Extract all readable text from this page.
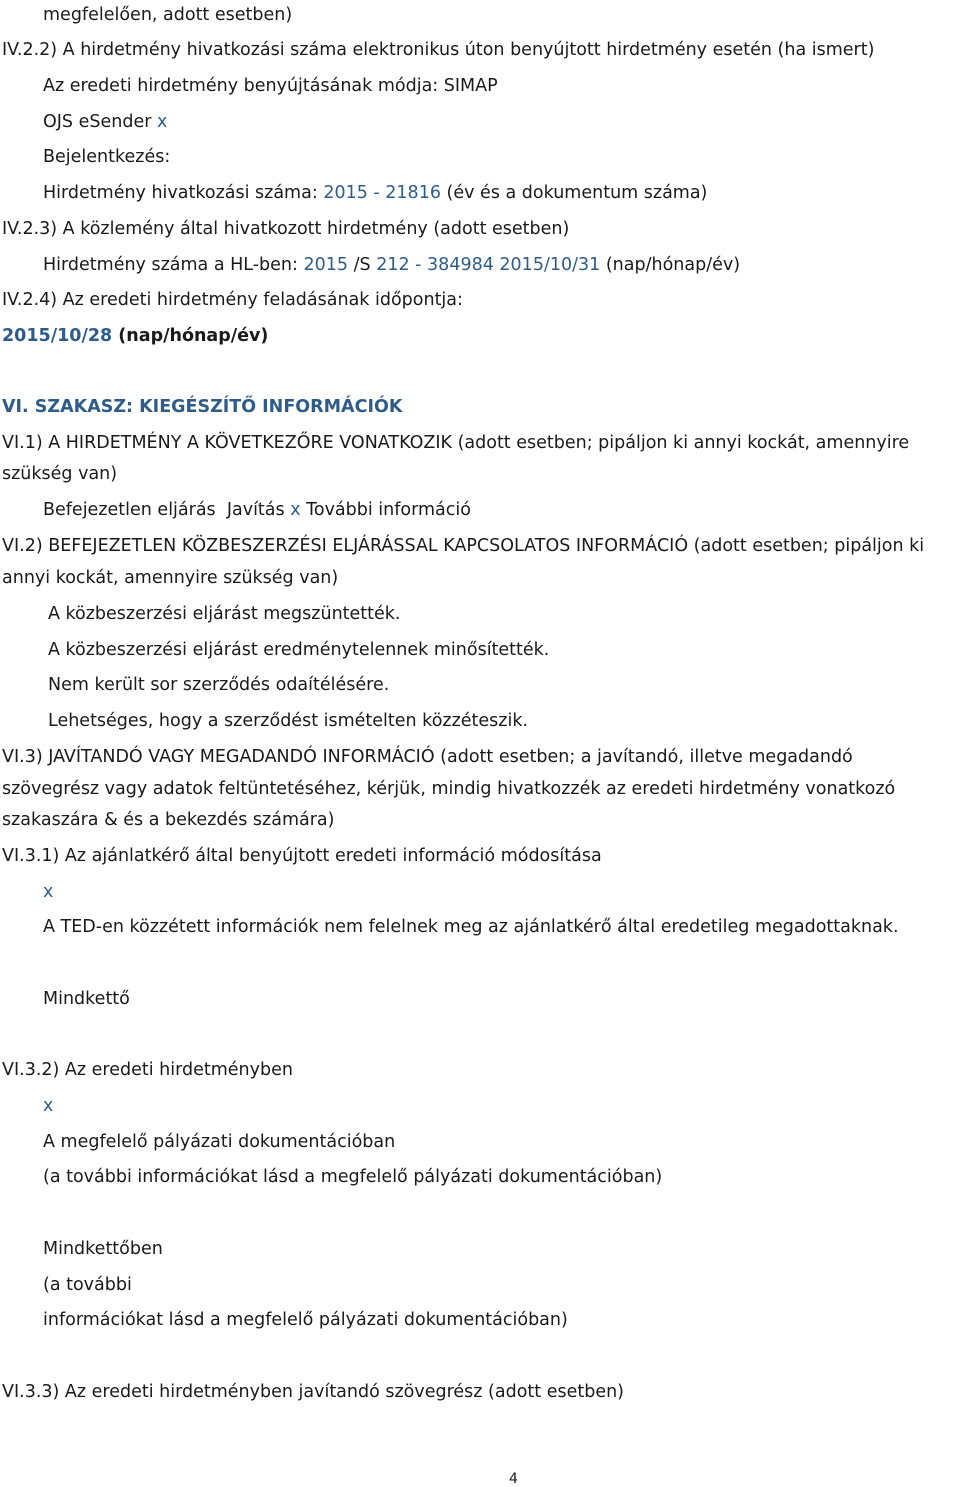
megfelelően, adott esetben)
IV.2.2) A hirdetmény hivatkozási száma elektronikus úton benyújtott hirdetmény esetén (ha ismert)
Az eredeti hirdetmény benyújtásának módja: SIMAP
OJS eSender x
Bejelentkezés:
Hirdetmény hivatkozási száma: 2015 - 21816 (év és a dokumentum száma)
IV.2.3) A közlemény által hivatkozott hirdetmény (adott esetben)
Hirdetmény száma a HL-ben: 2015 /S 212 - 384984 2015/10/31 (nap/hónap/év)
IV.2.4) Az eredeti hirdetmény feladásának időpontja:
2015/10/28 (nap/hónap/év)
VI. SZAKASZ: KIEGÉSZÍTŐ INFORMÁCIÓK
VI.1) A HIRDETMÉNY A KÖVETKEZŐRE VONATKOZIK (adott esetben; pipáljon ki annyi kockát, amennyire
szükség van)
Befejezetlen eljárás Javítás x További információ
VI.2) BEFEJEZETLEN KÖZBESZERZÉSI ELJÁRÁSSAL KAPCSOLATOS INFORMÁCIÓ (adott esetben; pipáljon ki
annyi kockát, amennyire szükség van)
A közbeszerzési eljárást megszüntették.
A közbeszerzési eljárást eredménytelennek minősítették.
Nem került sor szerződés odaítélésére.
Lehetséges, hogy a szerződést ismételten közzéteszik.
VI.3) JAVÍTANDÓ VAGY MEGADANDÓ INFORMÁCIÓ (adott esetben; a javítandó, illetve megadandó
szövegrész vagy adatok feltüntetéséhez, kérjük, mindig hivatkozzék az eredeti hirdetmény vonatkozó
szakaszára & és a bekezdés számára)
VI.3.1) Az ajánlatkérő által benyújtott eredeti információ módosítása
x
A TED-en közzétett információk nem felelnek meg az ajánlatkérő által eredetileg megadottaknak.
Mindkettő
VI.3.2) Az eredeti hirdetményben
x
A megfelelő pályázati dokumentációban
(a további információkat lásd a megfelelő pályázati dokumentációban)
Mindkettőben
(a további
információkat lásd a megfelelő pályázati dokumentációban)
VI.3.3) Az eredeti hirdetményben javítandó szövegrész (adott esetben)
4
